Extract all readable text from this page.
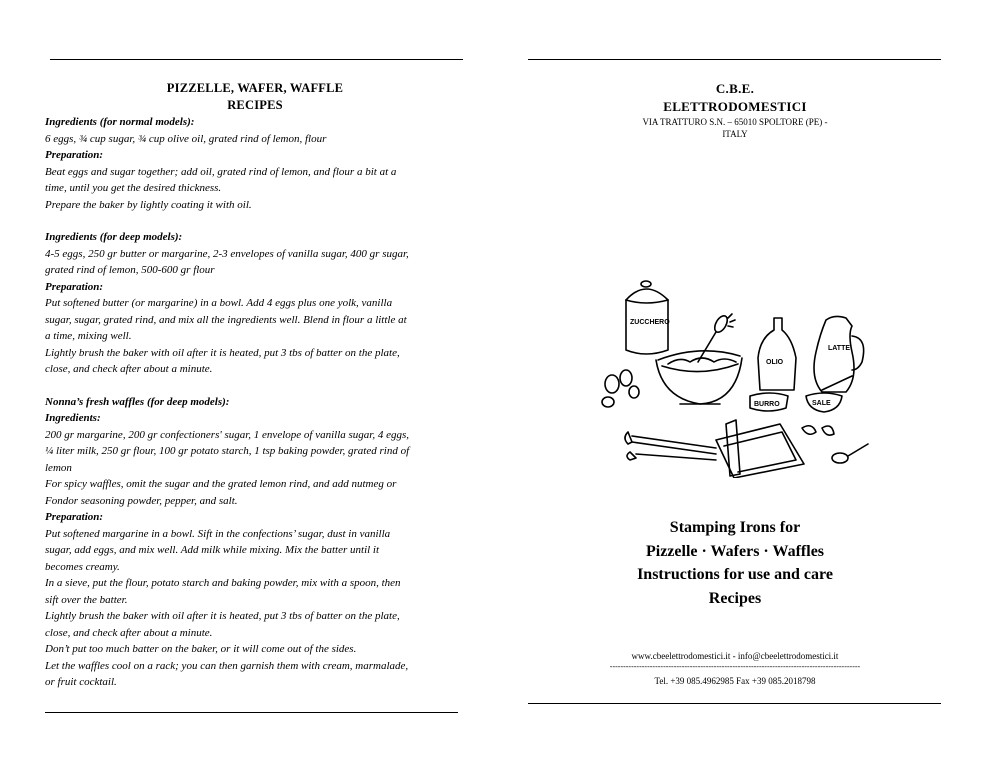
PIZZELLE, WAFER, WAFFLE
RECIPES
Ingredients (for normal models):
6 eggs, ¾ cup sugar, ¾ cup olive oil, grated rind of lemon, flour
Preparation:
Beat eggs and sugar together; add oil, grated rind of lemon, and flour a bit at a
time, until you get the desired thickness.
Prepare the baker by lightly coating it with oil.
Ingredients (for deep models):
4-5 eggs, 250 gr butter or margarine, 2-3 envelopes of vanilla sugar, 400 gr sugar,
grated rind of lemon, 500-600 gr flour
Preparation:
Put softened butter (or margarine) in a bowl. Add 4 eggs plus one yolk, vanilla
sugar, sugar, grated rind, and mix all the ingredients well. Blend in flour a little at
a time, mixing well.
Lightly brush the baker with oil after it is heated, put 3 tbs of batter on the plate,
close, and check after about a minute.
Nonna’s fresh waffles (for deep models):
Ingredients:
200 gr margarine, 200 gr confectioners' sugar, 1 envelope of vanilla sugar, 4 eggs,
¼ liter milk, 250 gr flour, 100 gr potato starch, 1 tsp baking powder, grated rind of
lemon
For spicy waffles, omit the sugar and the grated lemon rind, and add nutmeg or
Fondor seasoning powder, pepper, and salt.
Preparation:
Put softened margarine in a bowl. Sift in the confections’ sugar, dust in vanilla
sugar, add eggs, and mix well. Add milk while mixing. Mix the batter until it
becomes creamy.
In a sieve, put the flour, potato starch and baking powder, mix with a spoon, then
sift over the batter.
Lightly brush the baker with oil after it is heated, put 3 tbs of batter on the plate,
close, and check after about a minute.
Don’t put too much batter on the baker, or it will come out of the sides.
Let the waffles cool on a rack; you can then garnish them with cream, marmalade,
or fruit cocktail.
C.B.E.
ELETTRODOMESTICI
VIA TRATTURO S.N. – 65010 SPOLTORE (PE) -
ITALY
ZUCCHERO
OLIO
LATTE
BURRO	SALE
Stamping Irons for
Pizzelle · Wafers · Waffles
Instructions for use and care
Recipes
www.cbeelettrodomestici.it - info@cbeelettrodomestici.it
----------------------------------------------------------------------------------------------
Tel. +39 085.4962985 Fax +39 085.2018798
